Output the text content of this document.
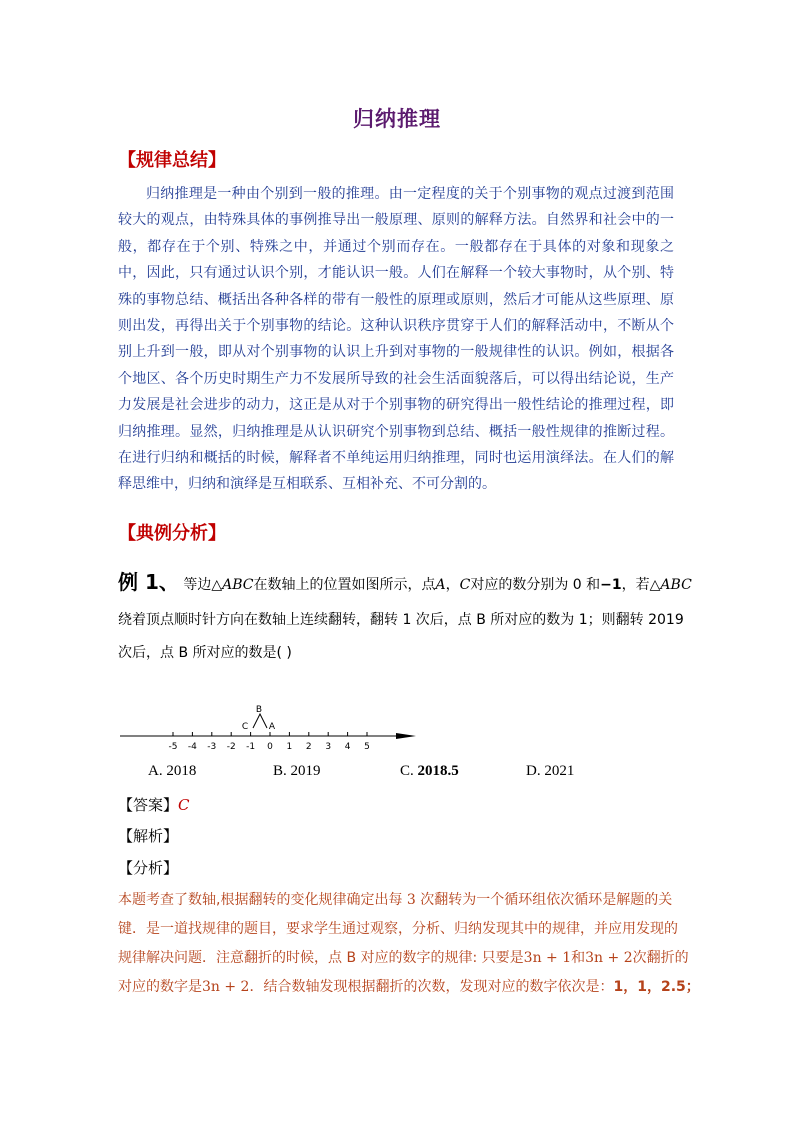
归纳推理
【规律总结】

归纳推理是一种由个别到一般的推理。由一定程度的关于个别事物的观点过渡到范围较大的观点，由特殊具体的事例推导出一般原理、原则的解释方法。自然界和社会中的一般，都存在于个别、特殊之中，并通过个别而存在。一般都存在于具体的对象和现象之中，因此，只有通过认识个别，才能认识一般。人们在解释一个较大事物时，从个别、特殊的事物总结、概括出各种各样的带有一般性的原理或原则，然后才可能从这些原理、原则出发，再得出关于个别事物的结论。这种认识秩序贯穿于人们的解释活动中，不断从个别上升到一般，即从对个别事物的认识上升到对事物的一般规律性的认识。例如，根据各个地区、各个历史时期生产力不发展所导致的社会生活面貌落后，可以得出结论说，生产力发展是社会进步的动力，这正是从对于个别事物的研究得出一般性结论的推理过程，即归纳推理。显然，归纳推理是从认识研究个别事物到总结、概括一般性规律的推断过程。在进行归纳和概括的时候，解释者不单纯运用归纳推理，同时也运用演绎法。在人们的解释思维中，归纳和演绎是互相联系、互相补充、不可分割的。

【典例分析】
例 1、 等边△ABC在数轴上的位置如图所示，点A，C对应的数分别为 0 和−1，若△ABC
绕着顶点顺时针方向在数轴上连续翻转，翻转 1 次后，点 B 所对应的数为 1；则翻转 2019
次后，点 B 所对应的数是( )
-5 -4 -3 -2 -1 0 1 2 3 4 5
B
C A
A. 2018	B. 2019	C. 2018.5	D. 2021
【答案】C
【解析】
【分析】
本题考查了数轴,根据翻转的变化规律确定出每 3 次翻转为一个循环组依次循环是解题的关
键．是一道找规律的题目，要求学生通过观察，分析、归纳发现其中的规律，并应用发现的
规律解决问题．注意翻折的时候，点 B 对应的数字的规律: 只要是3n + 1和3n + 2次翻折的
对应的数字是3n + 2．结合数轴发现根据翻折的次数，发现对应的数字依次是：1，1，2.5；
